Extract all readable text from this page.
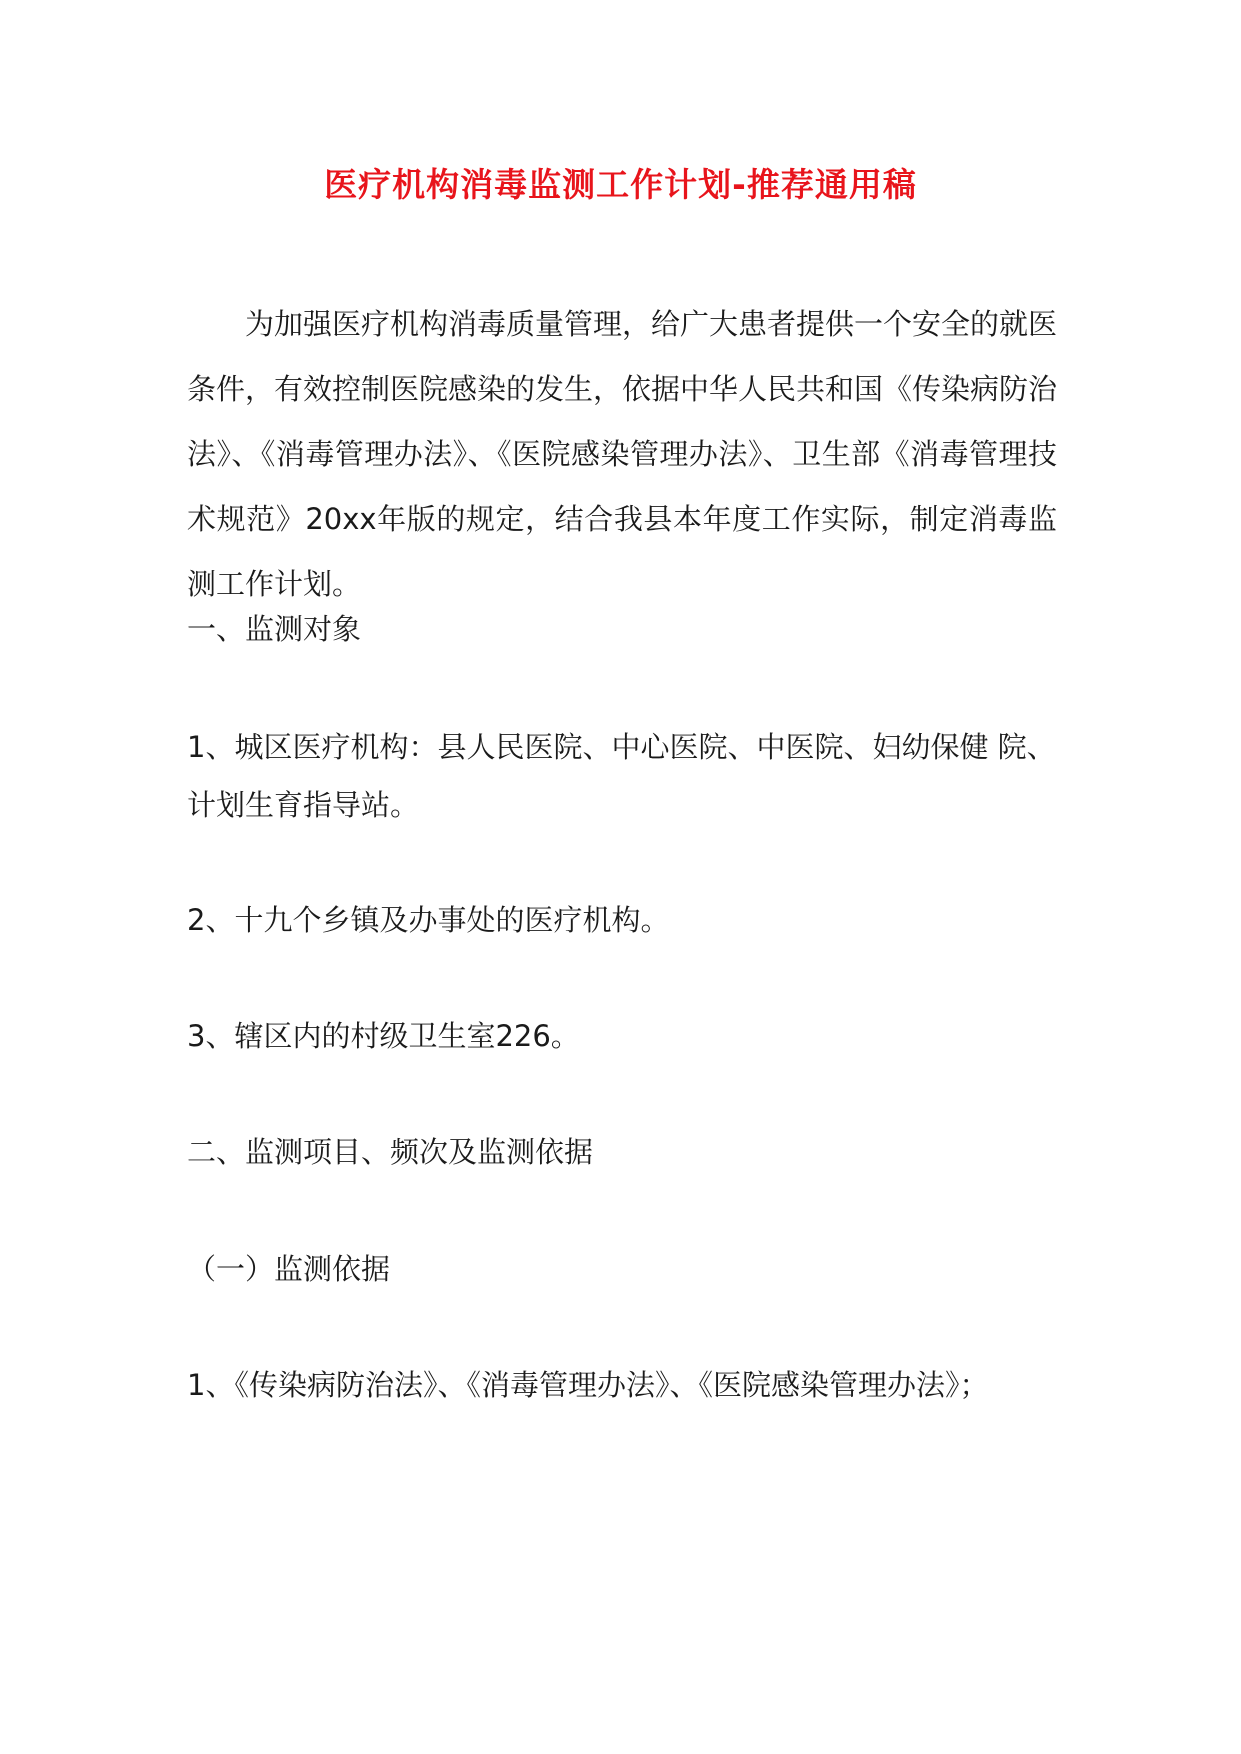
医疗机构消毒监测工作计划-推荐通用稿

为加强医疗机构消毒质量管理，给广大患者提供一个安全的就医条件，有效控制医院感染的发生，依据中华人民共和国《传染病防治法》、《消毒管理办法》、《医院感染管理办法》、卫生部《消毒管理技术规范》20xx年版的规定，结合我县本年度工作实际，制定消毒监测工作计划。

一、监测对象

1、城区医疗机构：县人民医院、中心医院、中医院、妇幼保健 院、

计划生育指导站。

2、十九个乡镇及办事处的医疗机构。

3、辖区内的村级卫生室226。

二、监测项目、频次及监测依据

（一）监测依据

1、《传染病防治法》、《消毒管理办法》、《医院感染管理办法》；
